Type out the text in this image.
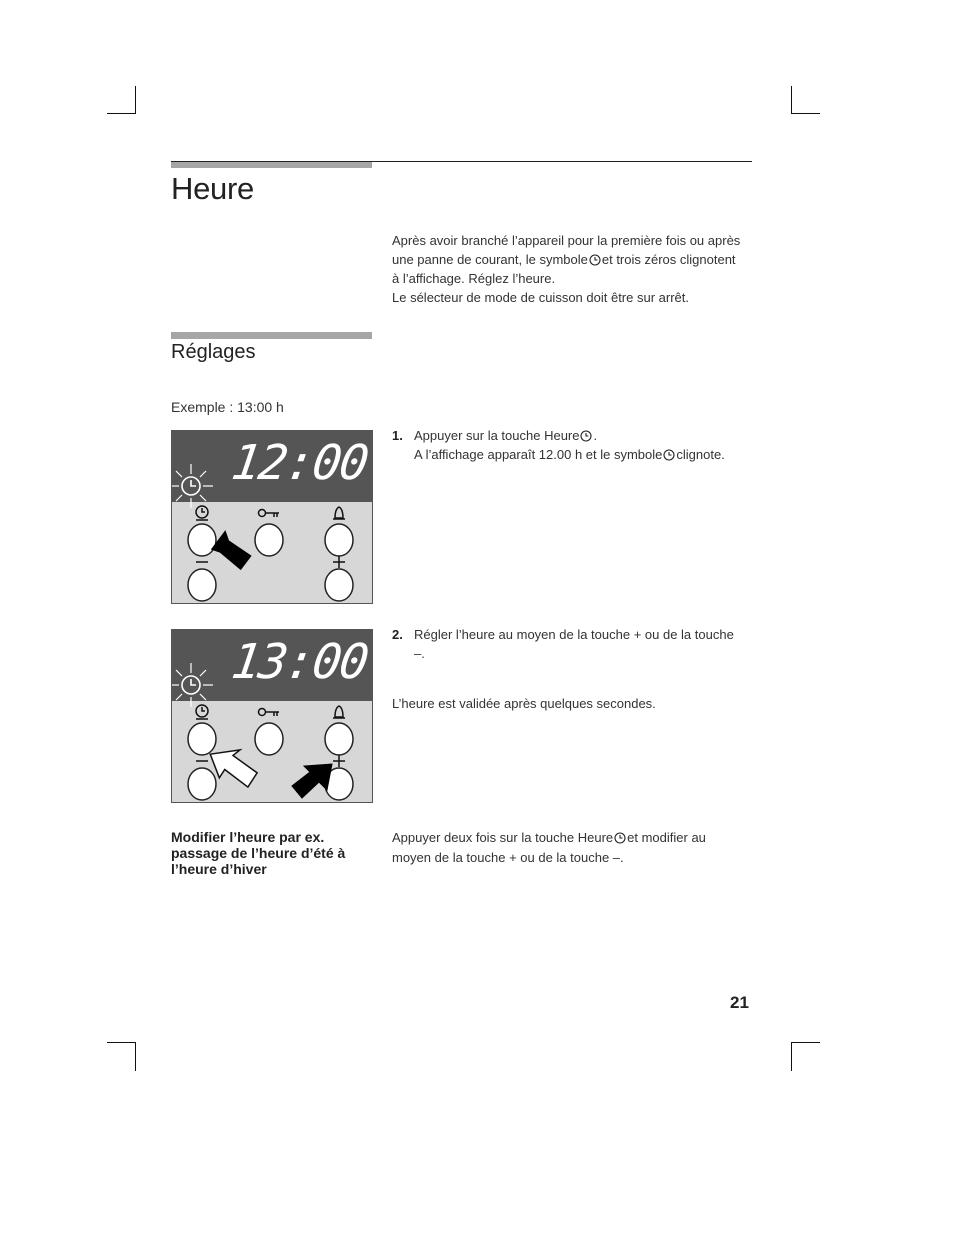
Heure
Après avoir branché l’appareil pour la première fois ou après
une panne de courant, le symbole et trois zéros clignotent
à l’affichage. Réglez l’heure.
Le sélecteur de mode de cuisson doit être sur arrêt.
Réglages
Exemple : 13:00 h
12:00 1. Appuyer sur la touche Heure .
A l’affichage apparaît 12.00 h et le symbole clignote.
13:00 2. Régler l’heure au moyen de la touche + ou de la touche
–.
L’heure est validée après quelques secondes.
Modifier l’heure par ex. passage de l’heure d’été à l’heure d’hiver
Appuyer deux fois sur la touche Heure et modifier au
moyen de la touche + ou de la touche –.
21
